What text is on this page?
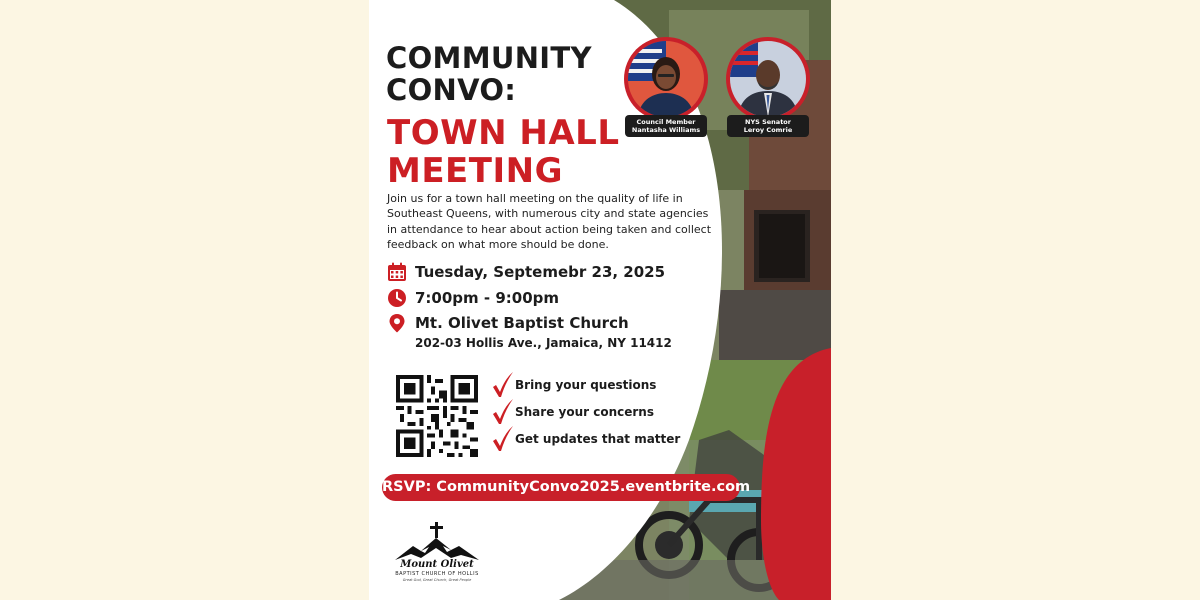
COMMUNITY
CONVO:
TOWN HALL
MEETING
Join us for a town hall meeting on the quality of life in Southeast Queens, with numerous city and state agencies in attendance to hear about action being taken and collect feedback on what more should be done.
Tuesday, Septemebr 23, 2025
7:00pm - 9:00pm
Mt. Olivet Baptist Church
202-03 Hollis Ave., Jamaica, NY 11412
Bring your questions
Share your concerns
Get updates that matter
RSVP: CommunityConvo2025.eventbrite.com
Mount Olivet
BAPTIST CHURCH OF HOLLIS
Great God, Great Church, Great People
Council Member
Nantasha Williams
NYS Senator
Leroy Comrie
